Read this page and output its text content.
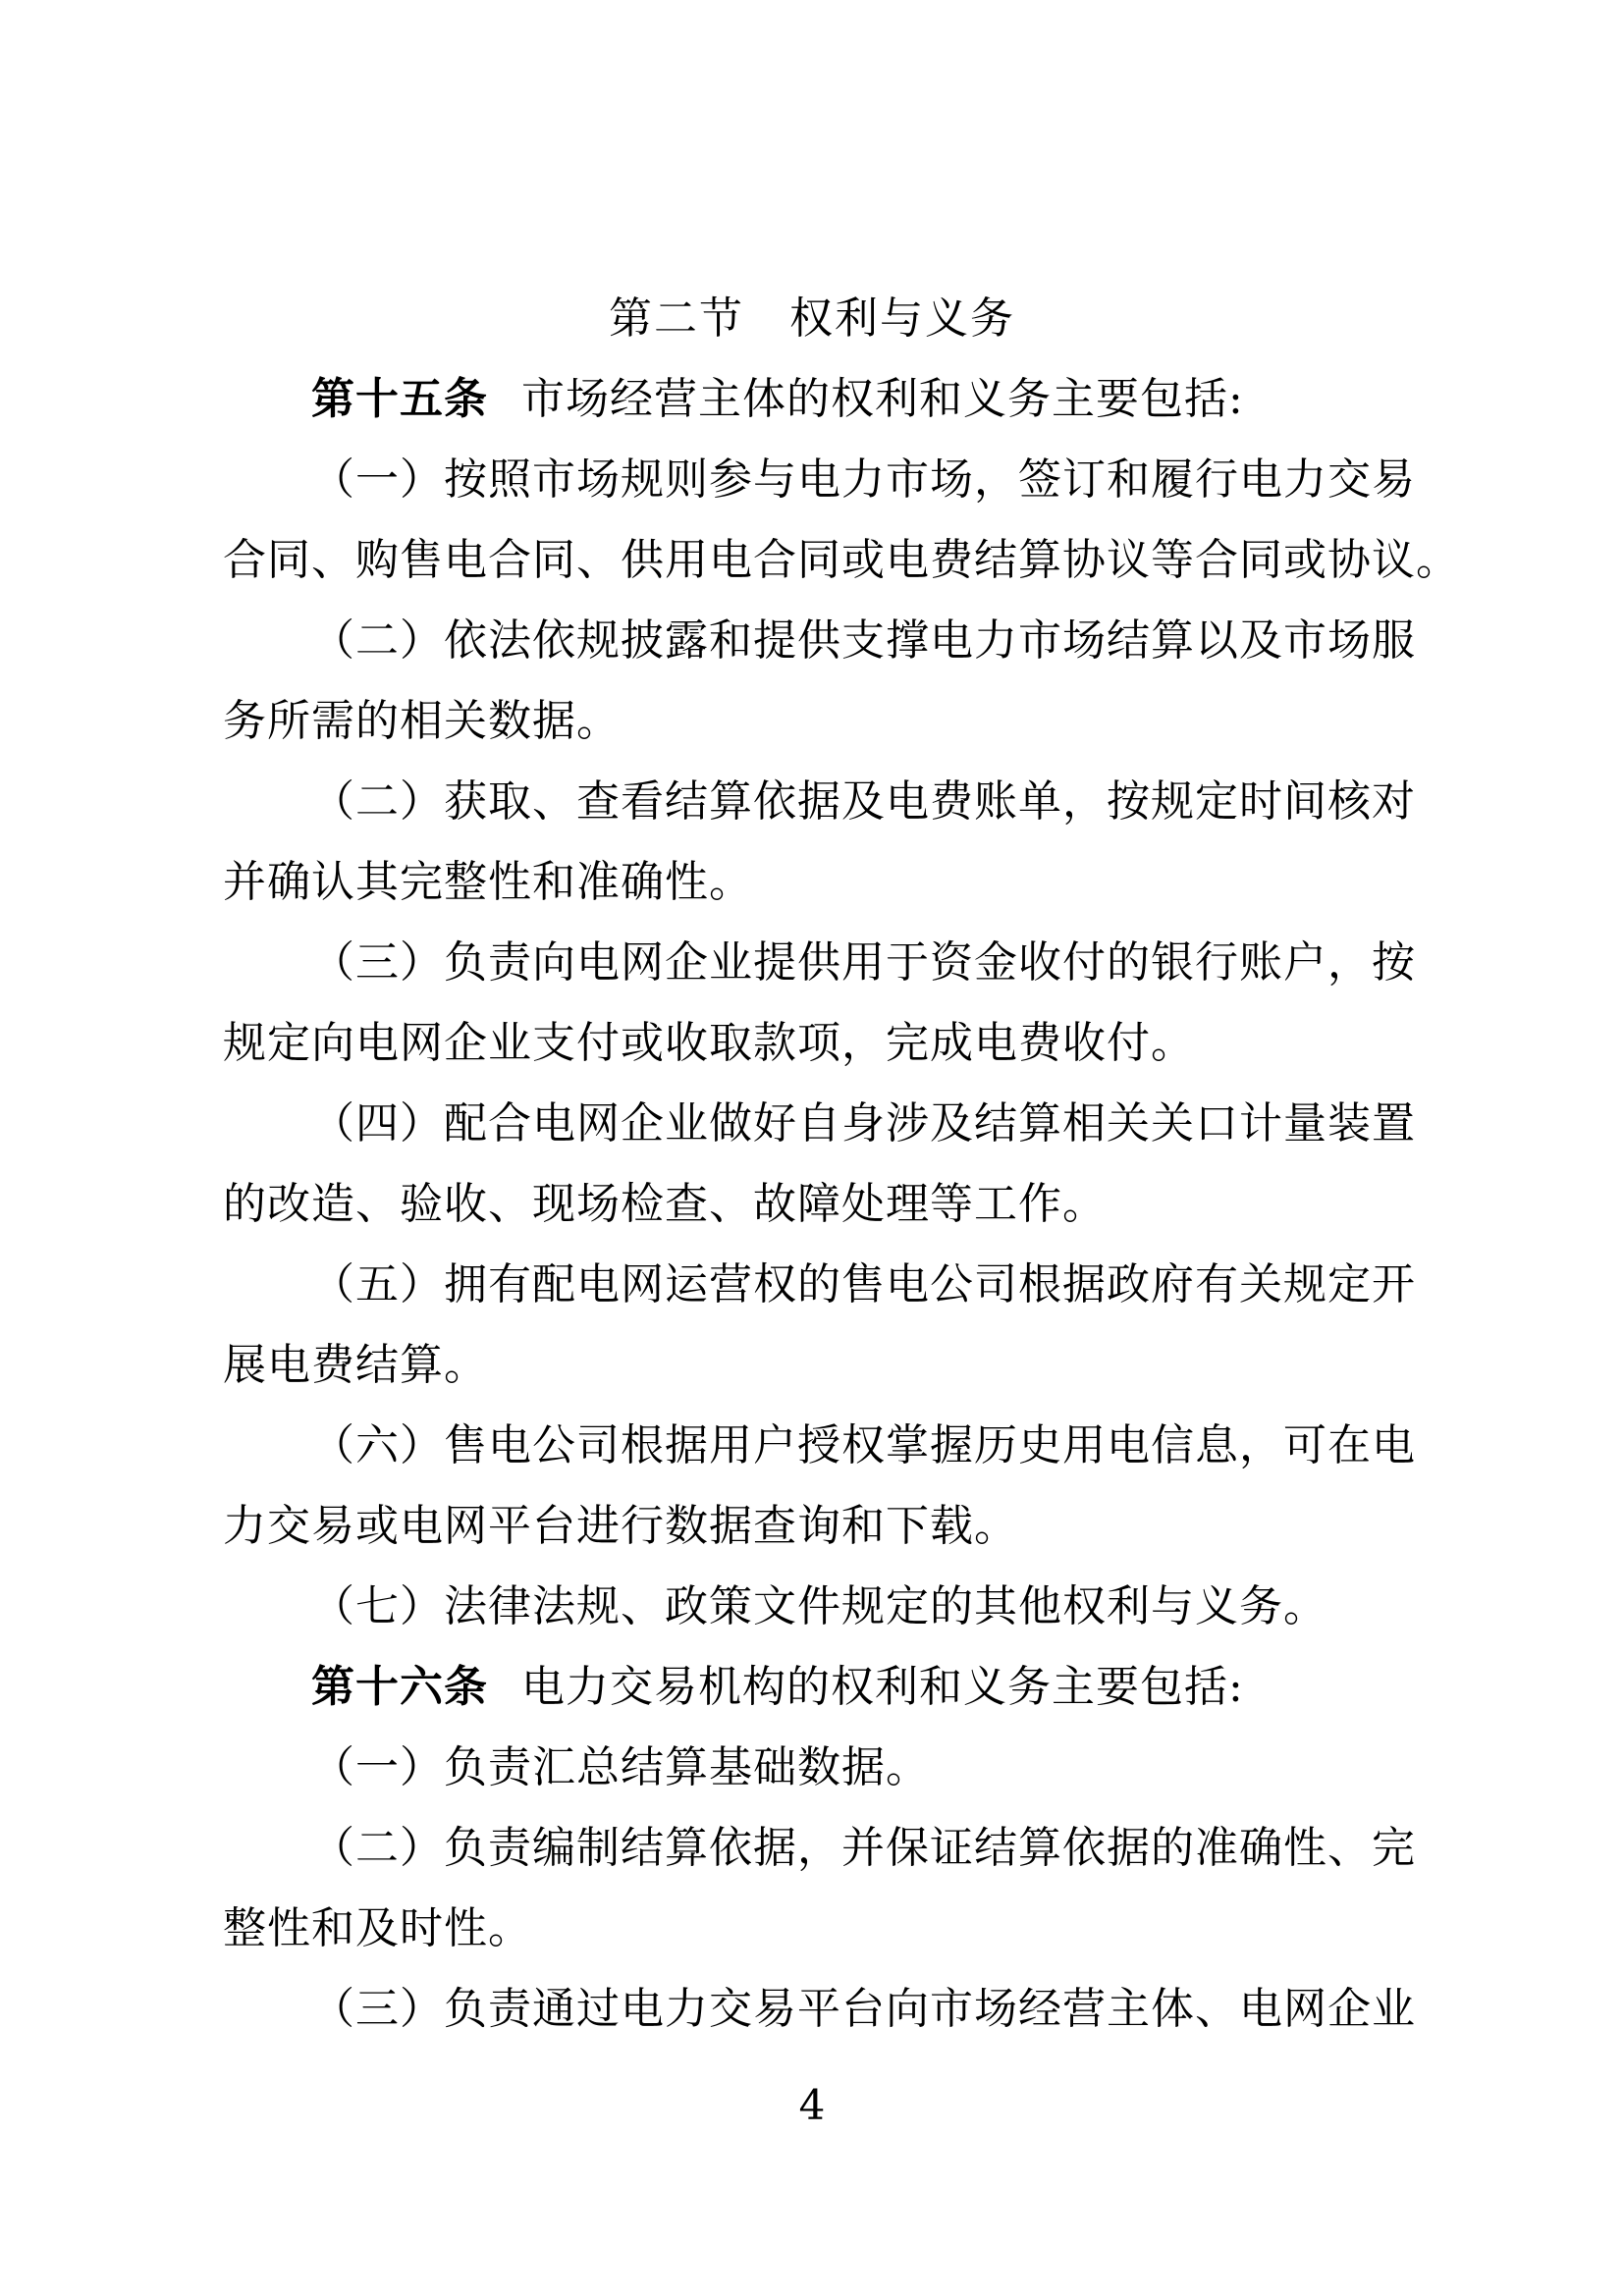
第二节　权利与义务
第十五条 市场经营主体的权利和义务主要包括:
（一）按照市场规则参与电力市场，签订和履行电力交易
合同、购售电合同、供用电合同或电费结算协议等合同或协议。
（二）依法依规披露和提供支撑电力市场结算以及市场服
务所需的相关数据。
（二）获取、查看结算依据及电费账单，按规定时间核对
并确认其完整性和准确性。
（三）负责向电网企业提供用于资金收付的银行账户，按
规定向电网企业支付或收取款项，完成电费收付。
（四）配合电网企业做好自身涉及结算相关关口计量装置
的改造、验收、现场检查、故障处理等工作。
（五）拥有配电网运营权的售电公司根据政府有关规定开
展电费结算。
（六）售电公司根据用户授权掌握历史用电信息，可在电
力交易或电网平台进行数据查询和下载。
（七）法律法规、政策文件规定的其他权利与义务。
第十六条 电力交易机构的权利和义务主要包括:
（一）负责汇总结算基础数据。
（二）负责编制结算依据，并保证结算依据的准确性、完
整性和及时性。
（三）负责通过电力交易平台向市场经营主体、电网企业
4
